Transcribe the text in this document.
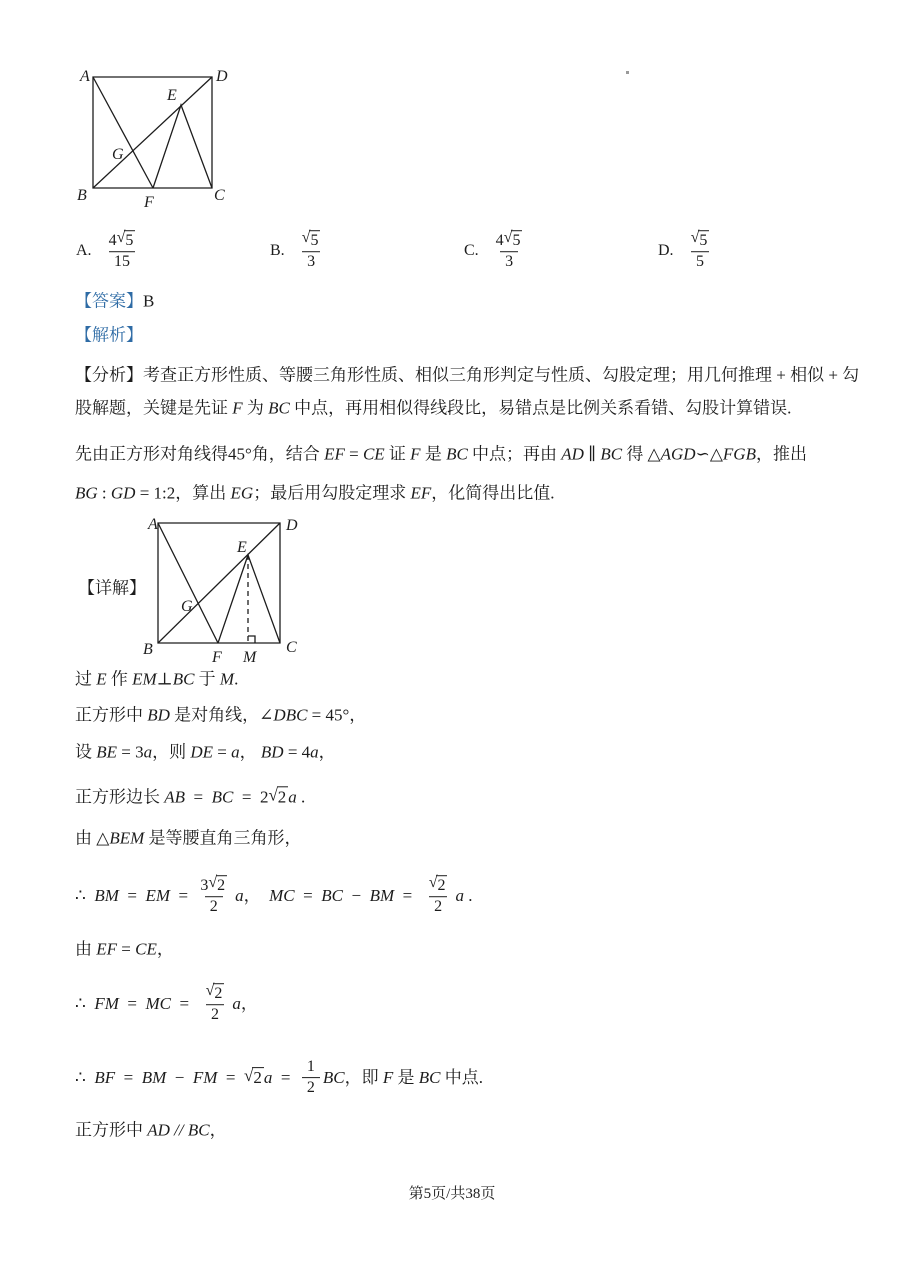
A	D
E
G
B	F	C
A. $\frac{4 √ 5}{15}$	B. $\frac{√ 5}{3}$	C. $\frac{4 √ 5}{3}$	D. $\frac{√ 5}{5}$
【答案】 B
【解析】
【分析】考查正方形性质、等腰三角形性质、相似三角形判定与性质、勾股定理；用几何推理 + 相似 + 勾
股解题，关键是先证 F 为 BC 中点，再用相似得线段比，易错点是比例关系看错、勾股计算错误.
先由正方形对角线得45°角，结合 EF = CE 证 F 是 BC 中点；再由 AD ∥ BC 得 △ AGD ∽△ FGB ，推出
BG : GD = 1:2，算出 EG ；最后用勾股定理求 EF ，化简得出比值.
【详解】
A	D
E
G
B	F M
C
过 E 作 EM ⊥ BC 于 M .
正方形中 BD 是对角线，∠ DBC = 45°，
设 BE = 3 a ，则 DE = a ， BD = 4 a ，
正方形边长 AB = BC =  2 √ 2 a .
由 △ BEM 是等腰直角三角形，
∴ BM = EM = $\frac{3 √ 2}{2}$ a ， MC = BC − BM = $\frac{√ 2}{2}$ a .
由 EF = CE ，
∴ FM = MC = $\frac{√ 2}{2}$ a ，
∴ BF = BM − FM = √ 2 $a = \frac{1}{2}$ BC ，即 F 是 BC 中点.
正方形中 AD
//
BC ，
第5页/共38页
